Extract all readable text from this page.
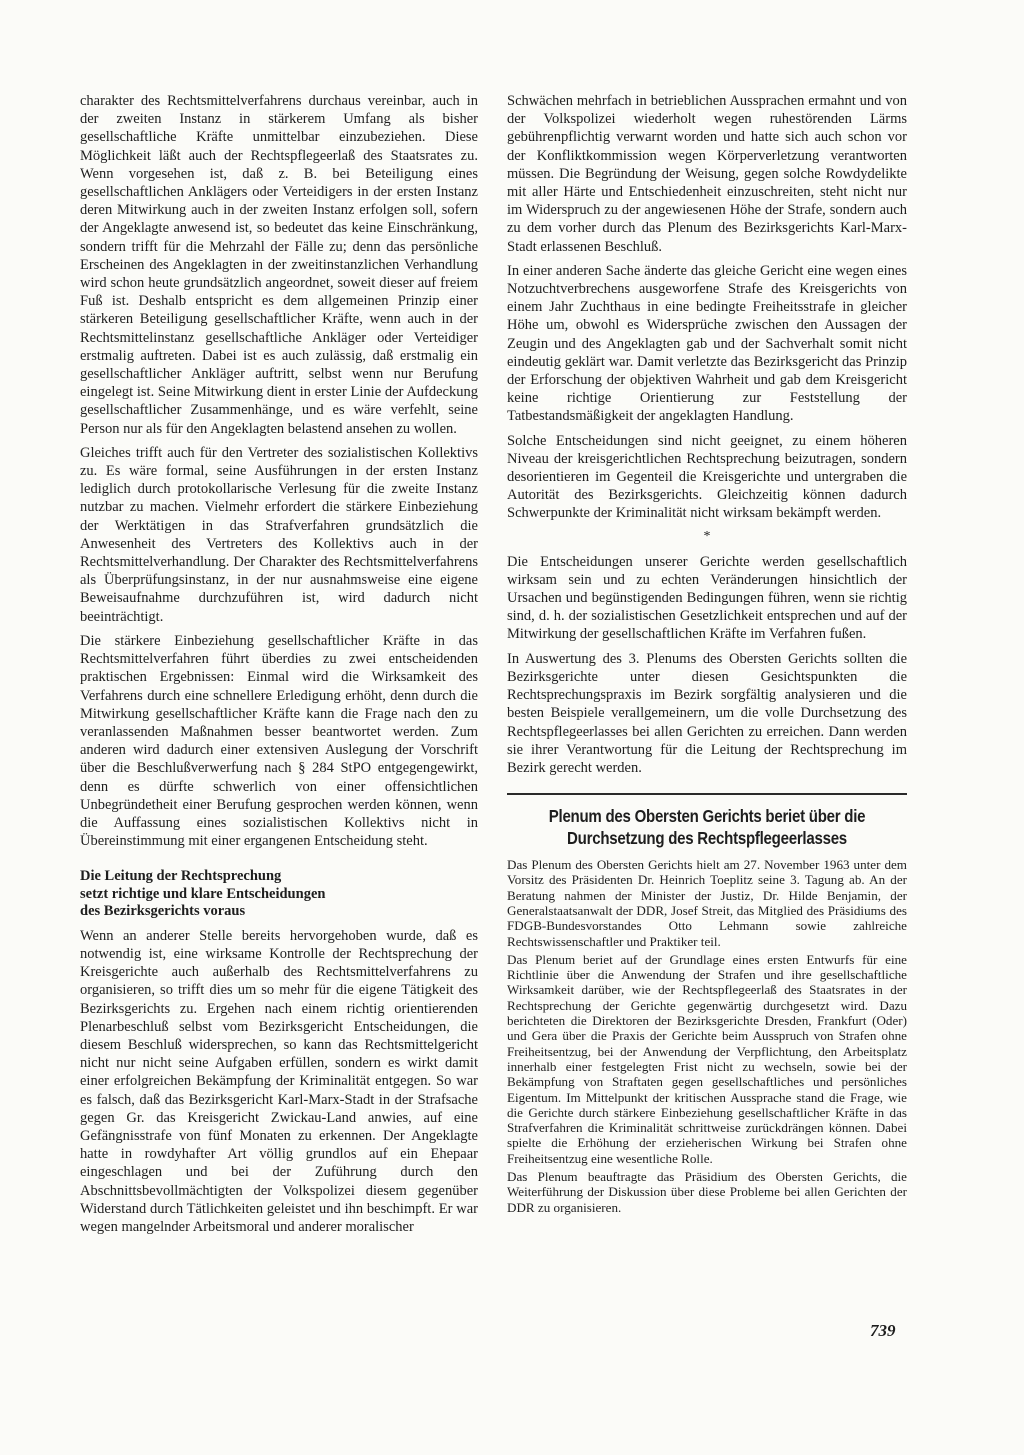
charakter des Rechtsmittelverfahrens durchaus vereinbar, auch in der zweiten Instanz in stärkerem Umfang als bisher gesellschaftliche Kräfte unmittelbar einzubeziehen. Diese Möglichkeit läßt auch der Rechtspflegeerlaß des Staatsrates zu. Wenn vorgesehen ist, daß z. B. bei Beteiligung eines gesellschaftlichen Anklägers oder Verteidigers in der ersten Instanz deren Mitwirkung auch in der zweiten Instanz erfolgen soll, sofern der Angeklagte anwesend ist, so bedeutet das keine Einschränkung, sondern trifft für die Mehrzahl der Fälle zu; denn das persönliche Erscheinen des Angeklagten in der zweitinstanzlichen Verhandlung wird schon heute grundsätzlich angeordnet, soweit dieser auf freiem Fuß ist. Deshalb entspricht es dem allgemeinen Prinzip einer stärkeren Beteiligung gesellschaftlicher Kräfte, wenn auch in der Rechtsmittelinstanz gesellschaftliche Ankläger oder Verteidiger erstmalig auftreten. Dabei ist es auch zulässig, daß erstmalig ein gesellschaftlicher Ankläger auftritt, selbst wenn nur Berufung eingelegt ist. Seine Mitwirkung dient in erster Linie der Aufdeckung gesellschaftlicher Zusammenhänge, und es wäre verfehlt, seine Person nur als für den Angeklagten belastend ansehen zu wollen.

Gleiches trifft auch für den Vertreter des sozialistischen Kollektivs zu. Es wäre formal, seine Ausführungen in der ersten Instanz lediglich durch protokollarische Verlesung für die zweite Instanz nutzbar zu machen. Vielmehr erfordert die stärkere Einbeziehung der Werktätigen in das Strafverfahren grundsätzlich die Anwesenheit des Vertreters des Kollektivs auch in der Rechtsmittelverhandlung. Der Charakter des Rechtsmittelverfahrens als Überprüfungsinstanz, in der nur ausnahmsweise eine eigene Beweisaufnahme durchzuführen ist, wird dadurch nicht beeinträchtigt.

Die stärkere Einbeziehung gesellschaftlicher Kräfte in das Rechtsmittelverfahren führt überdies zu zwei entscheidenden praktischen Ergebnissen: Einmal wird die Wirksamkeit des Verfahrens durch eine schnellere Erledigung erhöht, denn durch die Mitwirkung gesellschaftlicher Kräfte kann die Frage nach den zu veranlassenden Maßnahmen besser beantwortet werden. Zum anderen wird dadurch einer extensiven Auslegung der Vorschrift über die Beschlußverwerfung nach § 284 StPO entgegengewirkt, denn es dürfte schwerlich von einer offensichtlichen Unbegründetheit einer Berufung gesprochen werden können, wenn die Auffassung eines sozialistischen Kollektivs nicht in Übereinstimmung mit einer ergangenen Entscheidung steht.

Die Leitung der Rechtsprechung
setzt richtige und klare Entscheidungen
des Bezirksgerichts voraus

Wenn an anderer Stelle bereits hervorgehoben wurde, daß es notwendig ist, eine wirksame Kontrolle der Rechtsprechung der Kreisgerichte auch außerhalb des Rechtsmittelverfahrens zu organisieren, so trifft dies um so mehr für die eigene Tätigkeit des Bezirksgerichts zu. Ergehen nach einem richtig orientierenden Plenarbeschluß selbst vom Bezirksgericht Entscheidungen, die diesem Beschluß widersprechen, so kann das Rechtsmittelgericht nicht nur nicht seine Aufgaben erfüllen, sondern es wirkt damit einer erfolgreichen Bekämpfung der Kriminalität entgegen. So war es falsch, daß das Bezirksgericht Karl-Marx-Stadt in der Strafsache gegen Gr. das Kreisgericht Zwickau-Land anwies, auf eine Gefängnisstrafe von fünf Monaten zu erkennen. Der Angeklagte hatte in rowdyhafter Art völlig grundlos auf ein Ehepaar eingeschlagen und bei der Zuführung durch den Abschnittsbevollmächtigten der Volkspolizei diesem gegenüber Widerstand durch Tätlichkeiten geleistet und ihn beschimpft. Er war wegen mangelnder Arbeitsmoral und anderer moralischer

Schwächen mehrfach in betrieblichen Aussprachen ermahnt und von der Volkspolizei wiederholt wegen ruhestörenden Lärms gebührenpflichtig verwarnt worden und hatte sich auch schon vor der Konfliktkommission wegen Körperverletzung verantworten müssen. Die Begründung der Weisung, gegen solche Rowdydelikte mit aller Härte und Entschiedenheit einzuschreiten, steht nicht nur im Widerspruch zu der angewiesenen Höhe der Strafe, sondern auch zu dem vorher durch das Plenum des Bezirksgerichts Karl-Marx-Stadt erlassenen Beschluß.

In einer anderen Sache änderte das gleiche Gericht eine wegen eines Notzuchtverbrechens ausgeworfene Strafe des Kreisgerichts von einem Jahr Zuchthaus in eine bedingte Freiheitsstrafe in gleicher Höhe um, obwohl es Widersprüche zwischen den Aussagen der Zeugin und des Angeklagten gab und der Sachverhalt somit nicht eindeutig geklärt war. Damit verletzte das Bezirksgericht das Prinzip der Erforschung der objektiven Wahrheit und gab dem Kreisgericht keine richtige Orientierung zur Feststellung der Tatbestandsmäßigkeit der angeklagten Handlung.

Solche Entscheidungen sind nicht geeignet, zu einem höheren Niveau der kreisgerichtlichen Rechtsprechung beizutragen, sondern desorientieren im Gegenteil die Kreisgerichte und untergraben die Autorität des Bezirksgerichts. Gleichzeitig können dadurch Schwerpunkte der Kriminalität nicht wirksam bekämpft werden.

*

Die Entscheidungen unserer Gerichte werden gesellschaftlich wirksam sein und zu echten Veränderungen hinsichtlich der Ursachen und begünstigenden Bedingungen führen, wenn sie richtig sind, d. h. der sozialistischen Gesetzlichkeit entsprechen und auf der Mitwirkung der gesellschaftlichen Kräfte im Verfahren fußen.

In Auswertung des 3. Plenums des Obersten Gerichts sollten die Bezirksgerichte unter diesen Gesichtspunkten die Rechtsprechungspraxis im Bezirk sorgfältig analysieren und die besten Beispiele verallgemeinern, um die volle Durchsetzung des Rechtspflegeerlasses bei allen Gerichten zu erreichen. Dann werden sie ihrer Verantwortung für die Leitung der Rechtsprechung im Bezirk gerecht werden.

Plenum des Obersten Gerichts beriet über die
Durchsetzung des Rechtspflegeerlasses

Das Plenum des Obersten Gerichts hielt am 27. November 1963 unter dem Vorsitz des Präsidenten Dr. Heinrich Toeplitz seine 3. Tagung ab. An der Beratung nahmen der Minister der Justiz, Dr. Hilde Benjamin, der Generalstaatsanwalt der DDR, Josef Streit, das Mitglied des Präsidiums des FDGB-Bundesvorstandes Otto Lehmann sowie zahlreiche Rechtswissenschaftler und Praktiker teil.

Das Plenum beriet auf der Grundlage eines ersten Entwurfs für eine Richtlinie über die Anwendung der Strafen und ihre gesellschaftliche Wirksamkeit darüber, wie der Rechtspflegeerlaß des Staatsrates in der Rechtsprechung der Gerichte gegenwärtig durchgesetzt wird. Dazu berichteten die Direktoren der Bezirksgerichte Dresden, Frankfurt (Oder) und Gera über die Praxis der Gerichte beim Ausspruch von Strafen ohne Freiheitsentzug, bei der Anwendung der Verpflichtung, den Arbeitsplatz innerhalb einer festgelegten Frist nicht zu wechseln, sowie bei der Bekämpfung von Straftaten gegen gesellschaftliches und persönliches Eigentum. Im Mittelpunkt der kritischen Aussprache stand die Frage, wie die Gerichte durch stärkere Einbeziehung gesellschaftlicher Kräfte in das Strafverfahren die Kriminalität schrittweise zurückdrängen können. Dabei spielte die Erhöhung der erzieherischen Wirkung bei Strafen ohne Freiheitsentzug eine wesentliche Rolle.

Das Plenum beauftragte das Präsidium des Obersten Gerichts, die Weiterführung der Diskussion über diese Probleme bei allen Gerichten der DDR zu organisieren.

739
